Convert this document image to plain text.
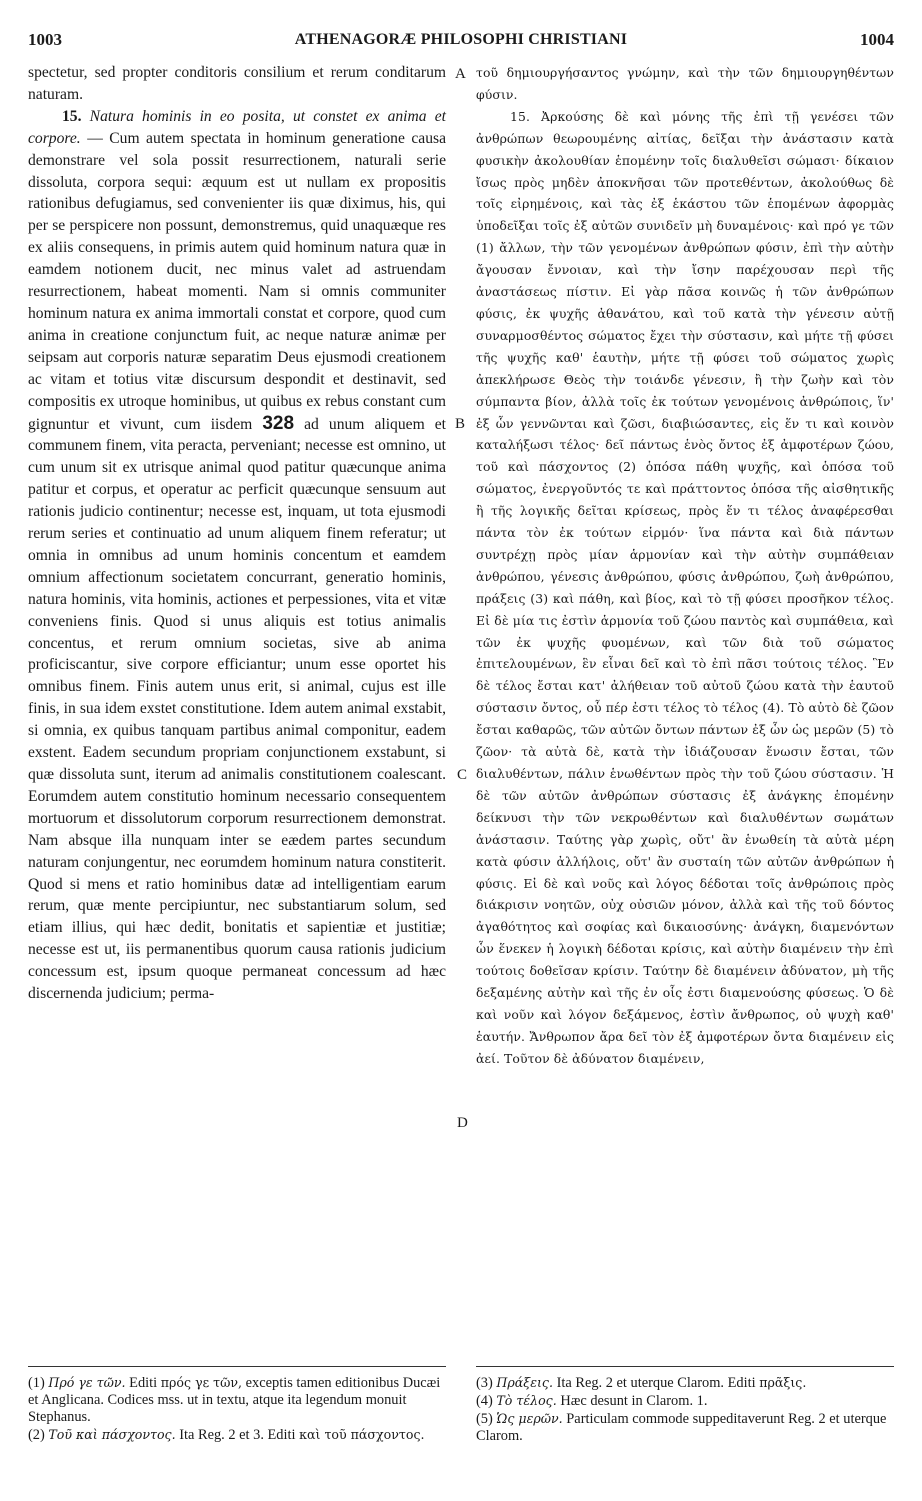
1003	ATHENAGORÆ PHILOSOPHI CHRISTIANI	1004

spectetur, sed propter conditoris consilium et rerum conditarum naturam.

15. Natura hominis in eo posita, ut constet ex anima et corpore. — Cum autem spectata in hominum generatione causa demonstrare vel sola possit resurrectionem, naturali serie dissoluta, corpora sequi: æquum est ut nullam ex propositis rationibus defugiamus, sed convenienter iis quæ diximus, his, qui per se perspicere non possunt, demonstremus, quid unaquæque res ex aliis consequens, in primis autem quid hominum natura quæ in eamdem notionem ducit, nec minus valet ad astruendam resurrectionem, habeat momenti. Nam si omnis communiter hominum natura ex anima immortali constat et corpore, quod cum anima in creatione conjunctum fuit, ac neque naturæ animæ per seipsam aut corporis naturæ separatim Deus ejusmodi creationem ac vitam et totius vitæ discursum despondit et destinavit, sed compositis ex utroque hominibus, ut quibus ex rebus constant cum gignuntur et vivunt, cum iisdem 328 ad unum aliquem et communem finem, vita peracta, perveniant; necesse est omnino, ut cum unum sit ex utrisque animal quod patitur quæcunque anima patitur et corpus, et operatur ac perficit quæcunque sensuum aut rationis judicio continentur; necesse est, inquam, ut tota ejusmodi rerum series et continuatio ad unum aliquem finem referatur; ut omnia in omnibus ad unum hominis concentum et eamdem omnium affectionum societatem concurrant, generatio hominis, natura hominis, vita hominis, actiones et perpessiones, vita et vitæ conveniens finis. Quod si unus aliquis est totius animalis concentus, et rerum omnium societas, sive ab anima proficiscantur, sive corpore efficiantur; unum esse oportet his omnibus finem. Finis autem unus erit, si animal, cujus est ille finis, in sua idem exstet constitutione. Idem autem animal exstabit, si omnia, ex quibus tanquam partibus animal componitur, eadem exstent. Eadem secundum propriam conjunctionem exstabunt, si quæ dissoluta sunt, iterum ad animalis constitutionem coalescant. Eorumdem autem constitutio hominum necessario consequentem mortuorum et dissolutorum corporum resurrectionem demonstrat. Nam absque illa nunquam inter se eædem partes secundum naturam conjungentur, nec eorumdem hominum natura constiterit. Quod si mens et ratio hominibus datæ ad intelligentiam earum rerum, quæ mente percipiuntur, nec substantiarum solum, sed etiam illius, qui hæc dedit, bonitatis et sapientiæ et justitiæ; necesse est ut, iis permanentibus quorum causa rationis judicium concessum est, ipsum quoque permaneat concessum ad hæc discernenda judicium; perma-

A
B
C
D

τοῦ δημιουργήσαντος γνώμην, καὶ τὴν τῶν δημιουργηθέντων φύσιν.

15. Ἀρκούσης δὲ καὶ μόνης τῆς ἐπὶ τῇ γενέσει τῶν ἀνθρώπων θεωρουμένης αἰτίας, δεῖξαι τὴν ἀνάστασιν κατὰ φυσικὴν ἀκολουθίαν ἑπομένην τοῖς διαλυθεῖσι σώμασι· δίκαιον ἴσως πρὸς μηδὲν ἀποκνῆσαι τῶν προτεθέντων, ἀκολούθως δὲ τοῖς εἰρημένοις, καὶ τὰς ἐξ ἑκάστου τῶν ἑπομένων ἀφορμὰς ὑποδεῖξαι τοῖς ἐξ αὐτῶν συνιδεῖν μὴ δυναμένοις· καὶ πρό γε τῶν (1) ἄλλων, τὴν τῶν γενομένων ἀνθρώπων φύσιν, ἐπὶ τὴν αὐτὴν ἄγουσαν ἔννοιαν, καὶ τὴν ἴσην παρέχουσαν περὶ τῆς ἀναστάσεως πίστιν. Εἰ γὰρ πᾶσα κοινῶς ἡ τῶν ἀνθρώπων φύσις, ἐκ ψυχῆς ἀθανάτου, καὶ τοῦ κατὰ τὴν γένεσιν αὐτῇ συναρμοσθέντος σώματος ἔχει τὴν σύστασιν, καὶ μήτε τῇ φύσει τῆς ψυχῆς καθ' ἑαυτὴν, μήτε τῇ φύσει τοῦ σώματος χωρὶς ἀπεκλήρωσε Θεὸς τὴν τοιάνδε γένεσιν, ἢ τὴν ζωὴν καὶ τὸν σύμπαντα βίον, ἀλλὰ τοῖς ἐκ τούτων γενομένοις ἀνθρώποις, ἵν' ἐξ ὧν γεννῶνται καὶ ζῶσι, διαβιώσαντες, εἰς ἕν τι καὶ κοινὸν καταλήξωσι τέλος· δεῖ πάντως ἑνὸς ὄντος ἐξ ἀμφοτέρων ζώου, τοῦ καὶ πάσχοντος (2) ὁπόσα πάθη ψυχῆς, καὶ ὁπόσα τοῦ σώματος, ἐνεργοῦντός τε καὶ πράττοντος ὁπόσα τῆς αἰσθητικῆς ἢ τῆς λογικῆς δεῖται κρίσεως, πρὸς ἕν τι τέλος ἀναφέρεσθαι πάντα τὸν ἐκ τούτων εἱρμόν· ἵνα πάντα καὶ διὰ πάντων συντρέχῃ πρὸς μίαν ἁρμονίαν καὶ τὴν αὐτὴν συμπάθειαν ἀνθρώπου, γένεσις ἀνθρώπου, φύσις ἀνθρώπου, ζωὴ ἀνθρώπου, πράξεις (3) καὶ πάθη, καὶ βίος, καὶ τὸ τῇ φύσει προσῆκον τέλος. Εἰ δὲ μία τις ἐστὶν ἁρμονία τοῦ ζώου παντὸς καὶ συμπάθεια, καὶ τῶν ἐκ ψυχῆς φυομένων, καὶ τῶν διὰ τοῦ σώματος ἐπιτελουμένων, ἓν εἶναι δεῖ καὶ τὸ ἐπὶ πᾶσι τούτοις τέλος. Ἓν δὲ τέλος ἔσται κατ' ἀλήθειαν τοῦ αὐτοῦ ζώου κατὰ τὴν ἑαυτοῦ σύστασιν ὄντος, οὗ πέρ ἐστι τέλος τὸ τέλος (4). Τὸ αὐτὸ δὲ ζῶον ἔσται καθαρῶς, τῶν αὐτῶν ὄντων πάντων ἐξ ὧν ὡς μερῶν (5) τὸ ζῶον· τὰ αὐτὰ δὲ, κατὰ τὴν ἰδιάζουσαν ἕνωσιν ἔσται, τῶν διαλυθέντων, πάλιν ἑνωθέντων πρὸς τὴν τοῦ ζώου σύστασιν. Ἡ δὲ τῶν αὐτῶν ἀνθρώπων σύστασις ἐξ ἀνάγκης ἑπομένην δείκνυσι τὴν τῶν νεκρωθέντων καὶ διαλυθέντων σωμάτων ἀνάστασιν. Ταύτης γὰρ χωρὶς, οὔτ' ἂν ἑνωθείη τὰ αὐτὰ μέρη κατὰ φύσιν ἀλλήλοις, οὔτ' ἂν συσταίη τῶν αὐτῶν ἀνθρώπων ἡ φύσις. Εἰ δὲ καὶ νοῦς καὶ λόγος δέδοται τοῖς ἀνθρώποις πρὸς διάκρισιν νοητῶν, οὐχ οὐσιῶν μόνον, ἀλλὰ καὶ τῆς τοῦ δόντος ἀγαθότητος καὶ σοφίας καὶ δικαιοσύνης· ἀνάγκη, διαμενόντων ὧν ἕνεκεν ἡ λογικὴ δέδοται κρίσις, καὶ αὐτὴν διαμένειν τὴν ἐπὶ τούτοις δοθεῖσαν κρίσιν. Ταύτην δὲ διαμένειν ἀδύνατον, μὴ τῆς δεξαμένης αὐτὴν καὶ τῆς ἐν οἷς ἐστι διαμενούσης φύσεως. Ὁ δὲ καὶ νοῦν καὶ λόγον δεξάμενος, ἐστὶν ἄνθρωπος, οὐ ψυχὴ καθ' ἑαυτήν. Ἄνθρωπον ἄρα δεῖ τὸν ἐξ ἀμφοτέρων ὄντα διαμένειν εἰς ἀεί. Τοῦτον δὲ ἀδύνατον διαμένειν,

(1) Πρό γε τῶν. Editi πρός γε τῶν, exceptis tamen editionibus Ducæi et Anglicana. Codices mss. ut in textu, atque ita legendum monuit Stephanus.

(2) Τοῦ καὶ πάσχοντος. Ita Reg. 2 et 3. Editi καὶ τοῦ πάσχοντος.

(3) Πράξεις. Ita Reg. 2 et uterque Clarom. Editi πρᾶξις.

(4) Τὸ τέλος. Hæc desunt in Clarom. 1.

(5) Ὡς μερῶν. Particulam commode suppeditaverunt Reg. 2 et uterque Clarom.
